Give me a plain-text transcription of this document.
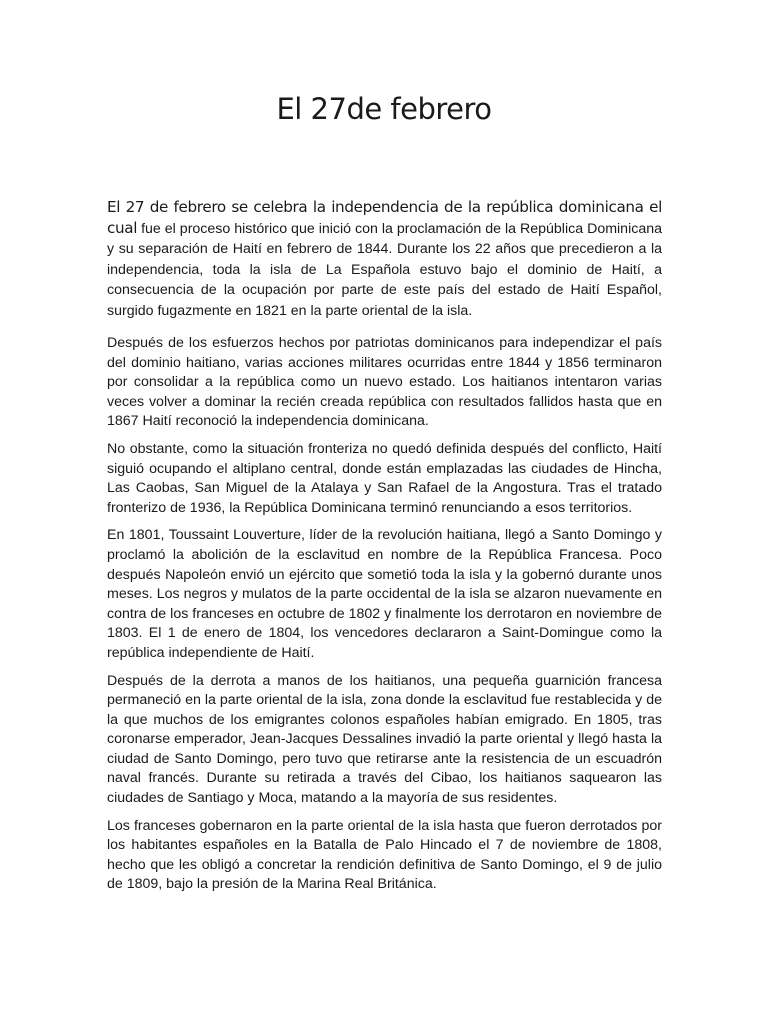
El 27de febrero

El 27 de febrero se celebra la independencia de la república dominicana el cual fue el proceso histórico que inició con la proclamación de la República Dominicana y su separación de Haití en febrero de 1844. Durante los 22 años que precedieron a la independencia, toda la isla de La Española estuvo bajo el dominio de Haití, a consecuencia de la ocupación por parte de este país del estado de Haití Español, surgido fugazmente en 1821 en la parte oriental de la isla.

Después de los esfuerzos hechos por patriotas dominicanos para independizar el país del dominio haitiano, varias acciones militares ocurridas entre 1844 y 1856 terminaron por consolidar a la república como un nuevo estado. Los haitianos intentaron varias veces volver a dominar la recién creada república con resultados fallidos hasta que en 1867 Haití reconoció la independencia dominicana.

No obstante, como la situación fronteriza no quedó definida después del conflicto, Haití siguió ocupando el altiplano central, donde están emplazadas las ciudades de Hincha, Las Caobas, San Miguel de la Atalaya y San Rafael de la Angostura. Tras el tratado fronterizo de 1936, la República Dominicana terminó renunciando a esos territorios.

En 1801, Toussaint Louverture, líder de la revolución haitiana, llegó a Santo Domingo y proclamó la abolición de la esclavitud en nombre de la República Francesa. Poco después Napoleón envió un ejército que sometió toda la isla y la gobernó durante unos meses. Los negros y mulatos de la parte occidental de la isla se alzaron nuevamente en contra de los franceses en octubre de 1802 y finalmente los derrotaron en noviembre de 1803. El 1 de enero de 1804, los vencedores declararon a Saint-Domingue como la república independiente de Haití.

Después de la derrota a manos de los haitianos, una pequeña guarnición francesa permaneció en la parte oriental de la isla, zona donde la esclavitud fue restablecida y de la que muchos de los emigrantes colonos españoles habían emigrado. En 1805, tras coronarse emperador, Jean-Jacques Dessalines invadió la parte oriental y llegó hasta la ciudad de Santo Domingo, pero tuvo que retirarse ante la resistencia de un escuadrón naval francés. Durante su retirada a través del Cibao, los haitianos saquearon las ciudades de Santiago y Moca, matando a la mayoría de sus residentes.

Los franceses gobernaron en la parte oriental de la isla hasta que fueron derrotados por los habitantes españoles en la Batalla de Palo Hincado el 7 de noviembre de 1808, hecho que les obligó a concretar la rendición definitiva de Santo Domingo, el 9 de julio de 1809, bajo la presión de la Marina Real Británica.
